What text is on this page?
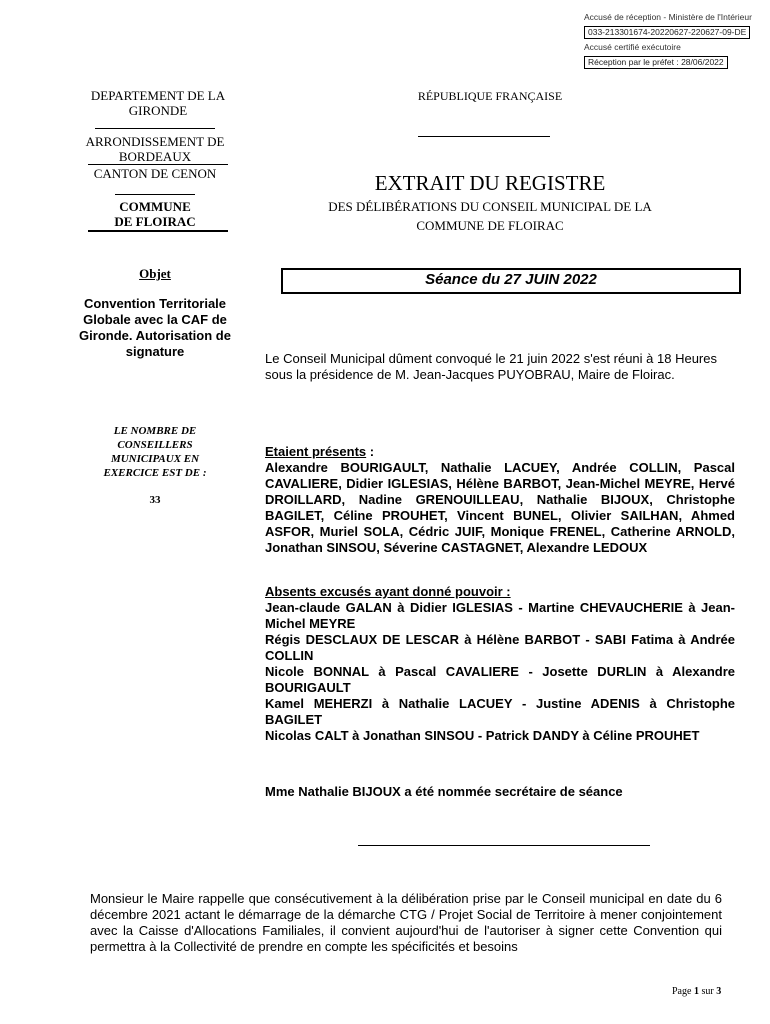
Accusé de réception - Ministère de l'Intérieur
033-213301674-20220627-220627-09-DE
Accusé certifié exécutoire
Réception par le préfet : 28/06/2022
DEPARTEMENT DE LA GIRONDE
ARRONDISSEMENT DE BORDEAUX
CANTON DE CENON
COMMUNE
DE FLOIRAC
Objet
Convention Territoriale Globale avec la CAF de Gironde. Autorisation de signature
LE NOMBRE DE
CONSEILLERS
MUNICIPAUX EN
EXERCICE EST DE :
33
RÉPUBLIQUE FRANÇAISE
EXTRAIT DU REGISTRE
DES DÉLIBÉRATIONS DU CONSEIL MUNICIPAL DE LA
COMMUNE DE FLOIRAC
Séance du 27 JUIN 2022
Le Conseil Municipal dûment convoqué le 21 juin 2022 s'est réuni à 18 Heures sous la présidence de M. Jean-Jacques PUYOBRAU, Maire de Floirac.
Etaient présents :
Alexandre BOURIGAULT, Nathalie LACUEY, Andrée COLLIN, Pascal CAVALIERE, Didier IGLESIAS, Hélène BARBOT, Jean-Michel MEYRE, Hervé DROILLARD, Nadine GRENOUILLEAU, Nathalie BIJOUX, Christophe BAGILET, Céline PROUHET, Vincent BUNEL, Olivier SAILHAN, Ahmed ASFOR, Muriel SOLA, Cédric JUIF, Monique FRENEL, Catherine ARNOLD, Jonathan SINSOU, Séverine CASTAGNET, Alexandre LEDOUX
Absents excusés ayant donné pouvoir :
Jean-claude GALAN à Didier IGLESIAS - Martine CHEVAUCHERIE à Jean-Michel MEYRE
Régis DESCLAUX DE LESCAR à Hélène BARBOT - SABI Fatima à Andrée COLLIN
Nicole BONNAL à Pascal CAVALIERE - Josette DURLIN à Alexandre BOURIGAULT
Kamel MEHERZI à Nathalie LACUEY - Justine ADENIS à Christophe BAGILET
Nicolas CALT à Jonathan SINSOU - Patrick DANDY à Céline PROUHET
Mme Nathalie BIJOUX a été nommée secrétaire de séance
Monsieur le Maire rappelle que consécutivement à la délibération prise par le Conseil municipal en date du 6 décembre 2021 actant le démarrage de la démarche CTG / Projet Social de Territoire à mener conjointement avec la Caisse d'Allocations Familiales, il convient aujourd'hui de l'autoriser à signer cette Convention qui permettra à la Collectivité de prendre en compte les spécificités et besoins
Page 1 sur 3
